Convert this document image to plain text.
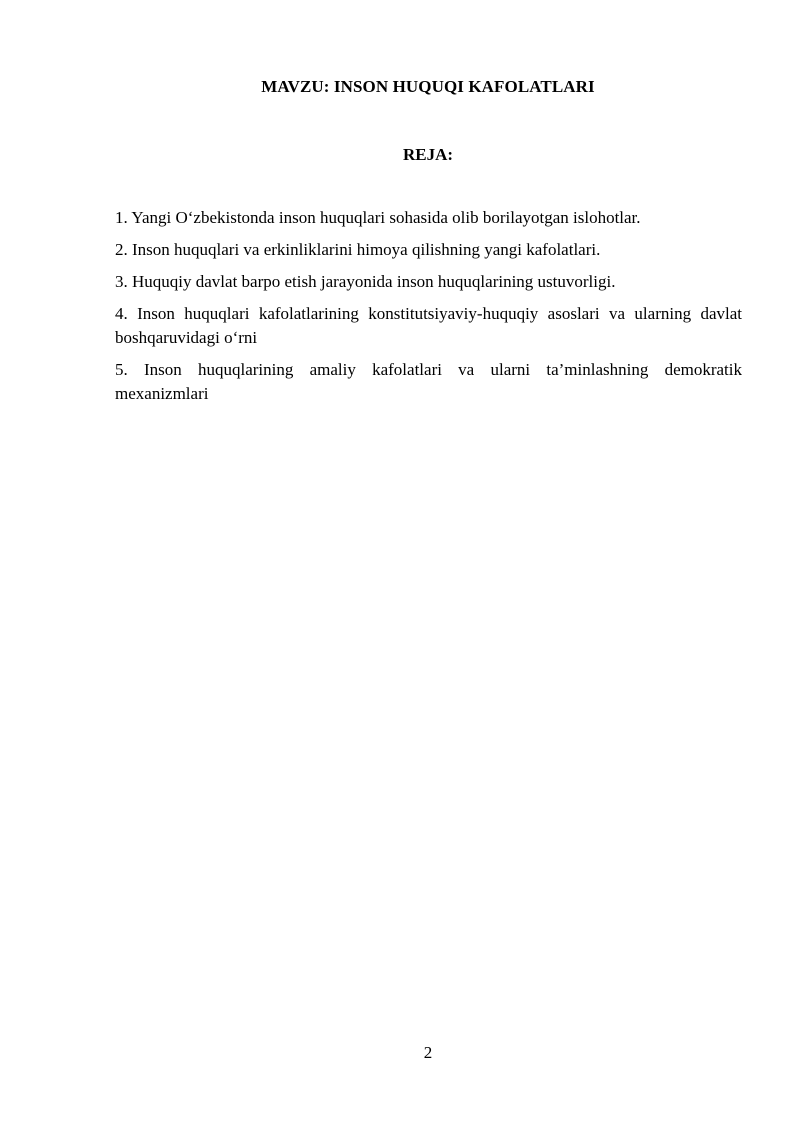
MAVZU: INSON HUQUQI KAFOLATLARI
REJA:
1. Yangi O‘zbekistonda inson huquqlari sohasida olib borilayotgan islohotlar.
2. Inson huquqlari va erkinliklarini himoya qilishning yangi kafolatlari.
3. Huquqiy davlat barpo etish jarayonida inson huquqlarining ustuvorligi.
4. Inson huquqlari kafolatlarining konstitutsiyaviy-huquqiy asoslari va ularning davlat boshqaruvidagi o‘rni
5. Inson huquqlarining amaliy kafolatlari va ularni ta’minlashning demokratik mexanizmlari
2
